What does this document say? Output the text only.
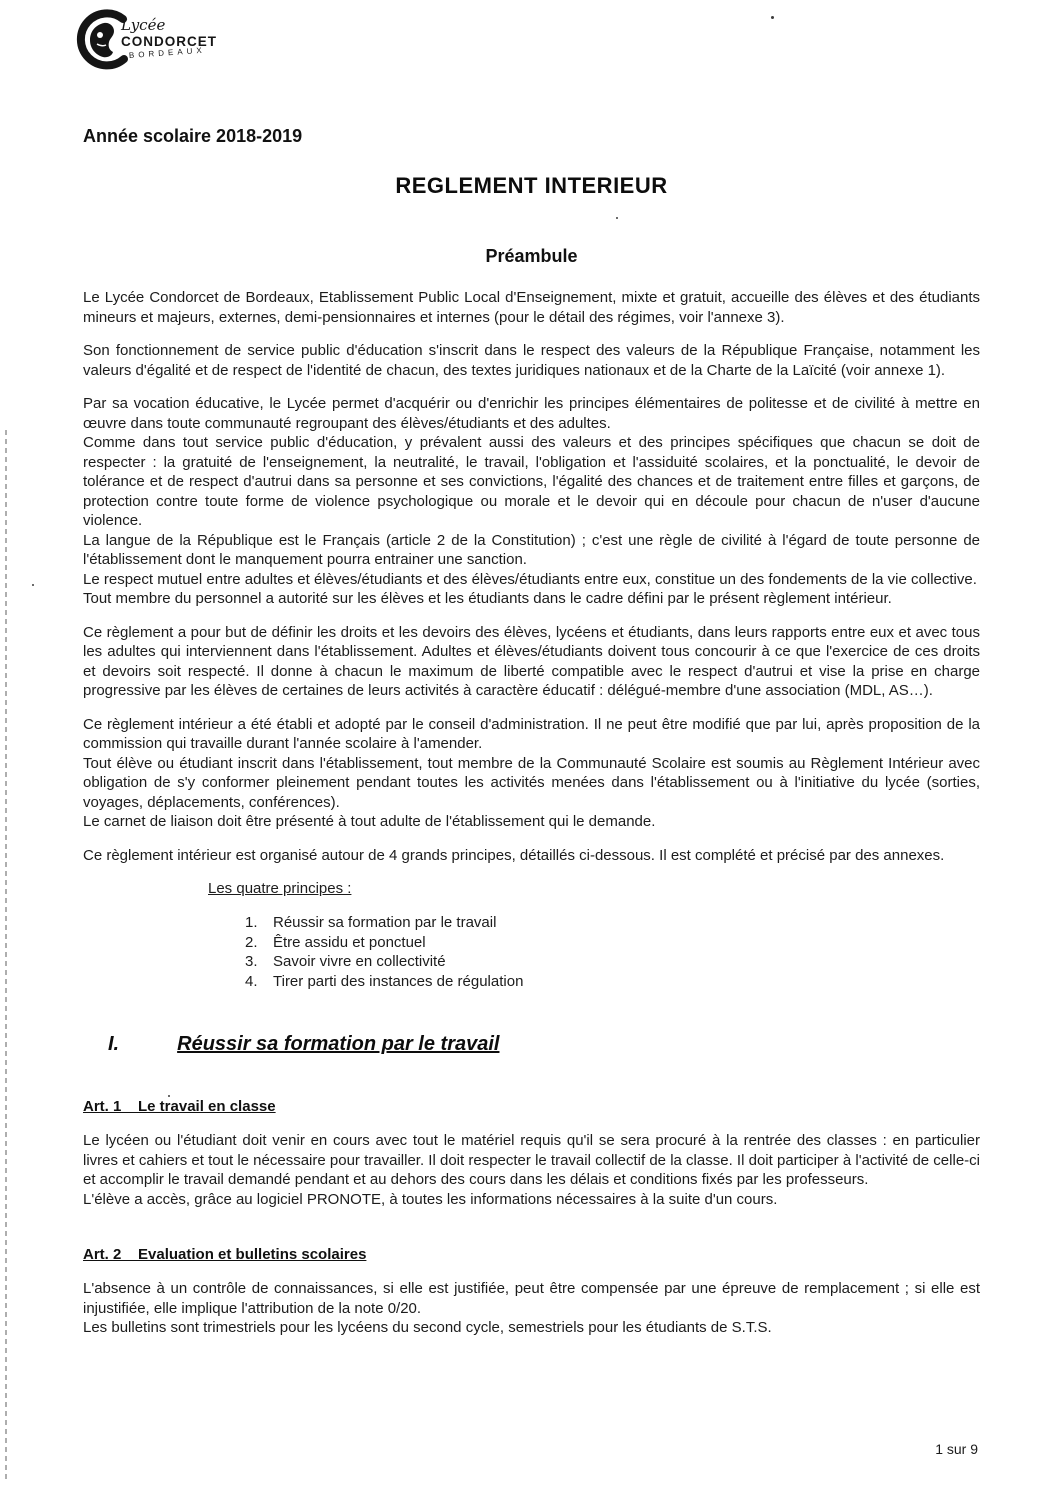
Lycée
CONDORCET
BORDEAUX
Année scolaire 2018-2019
REGLEMENT INTERIEUR
Préambule

Le Lycée Condorcet de Bordeaux, Etablissement Public Local d'Enseignement, mixte et gratuit, accueille des élèves et des étudiants mineurs et majeurs, externes, demi-pensionnaires et internes (pour le détail des régimes, voir l'annexe 3).

Son fonctionnement de service public d'éducation s'inscrit dans le respect des valeurs de la République Française, notamment les valeurs d'égalité et de respect de l'identité de chacun, des textes juridiques nationaux et de la Charte de la Laïcité (voir annexe 1).

Par sa vocation éducative, le Lycée permet d'acquérir ou d'enrichir les principes élémentaires de politesse et de civilité à mettre en œuvre dans toute communauté regroupant des élèves/étudiants et des adultes.

Comme dans tout service public d'éducation, y prévalent aussi des valeurs et des principes spécifiques que chacun se doit de respecter : la gratuité de l'enseignement, la neutralité, le travail, l'obligation et l'assiduité scolaires, et la ponctualité, le devoir de tolérance et de respect d'autrui dans sa personne et ses convictions, l'égalité des chances et de traitement entre filles et garçons, de protection contre toute forme de violence psychologique ou morale et le devoir qui en découle pour chacun de n'user d'aucune violence.

La langue de la République est le Français (article 2 de la Constitution) ; c'est une règle de civilité à l'égard de toute personne de l'établissement dont le manquement pourra entrainer une sanction.

Le respect mutuel entre adultes et élèves/étudiants et des élèves/étudiants entre eux, constitue un des fondements de la vie collective.

Tout membre du personnel a autorité sur les élèves et les étudiants dans le cadre défini par le présent règlement intérieur.

Ce règlement a pour but de définir les droits et les devoirs des élèves, lycéens et étudiants, dans leurs rapports entre eux et avec tous les adultes qui interviennent dans l'établissement. Adultes et élèves/étudiants doivent tous concourir à ce que l'exercice de ces droits et devoirs soit respecté. Il donne à chacun le maximum de liberté compatible avec le respect d'autrui et vise la prise en charge progressive par les élèves de certaines de leurs activités à caractère éducatif : délégué-membre d'une association (MDL, AS…).

Ce règlement intérieur a été établi et adopté par le conseil d'administration. Il ne peut être modifié que par lui, après proposition de la commission qui travaille durant l'année scolaire à l'amender.

Tout élève ou étudiant inscrit dans l'établissement, tout membre de la Communauté Scolaire est soumis au Règlement Intérieur avec obligation de s'y conformer pleinement pendant toutes les activités menées dans l'établissement ou à l'initiative du lycée (sorties, voyages, déplacements, conférences).

Le carnet de liaison doit être présenté à tout adulte de l'établissement qui le demande.

Ce règlement intérieur est organisé autour de 4 grands principes, détaillés ci-dessous. Il est complété et précisé par des annexes.

Les quatre principes :
1. Réussir sa formation par le travail
2. Être assidu et ponctuel
3. Savoir vivre en collectivité
4. Tirer parti des instances de régulation
I.	Réussir sa formation par le travail
Art. 1    Le travail en classe

Le lycéen ou l'étudiant doit venir en cours avec tout le matériel requis qu'il se sera procuré à la rentrée des classes : en particulier livres et cahiers et tout le nécessaire pour travailler. Il doit respecter le travail collectif de la classe. Il doit participer à l'activité de celle-ci et accomplir le travail demandé pendant et au dehors des cours dans les délais et conditions fixés par les professeurs.

L'élève a accès, grâce au logiciel PRONOTE, à toutes les informations nécessaires à la suite d'un cours.

Art. 2    Evaluation et bulletins scolaires

L'absence à un contrôle de connaissances, si elle est justifiée, peut être compensée par une épreuve de remplacement ; si elle est injustifiée, elle implique l'attribution de la note 0/20.

Les bulletins sont trimestriels pour les lycéens du second cycle, semestriels pour les étudiants de S.T.S.

1 sur 9
